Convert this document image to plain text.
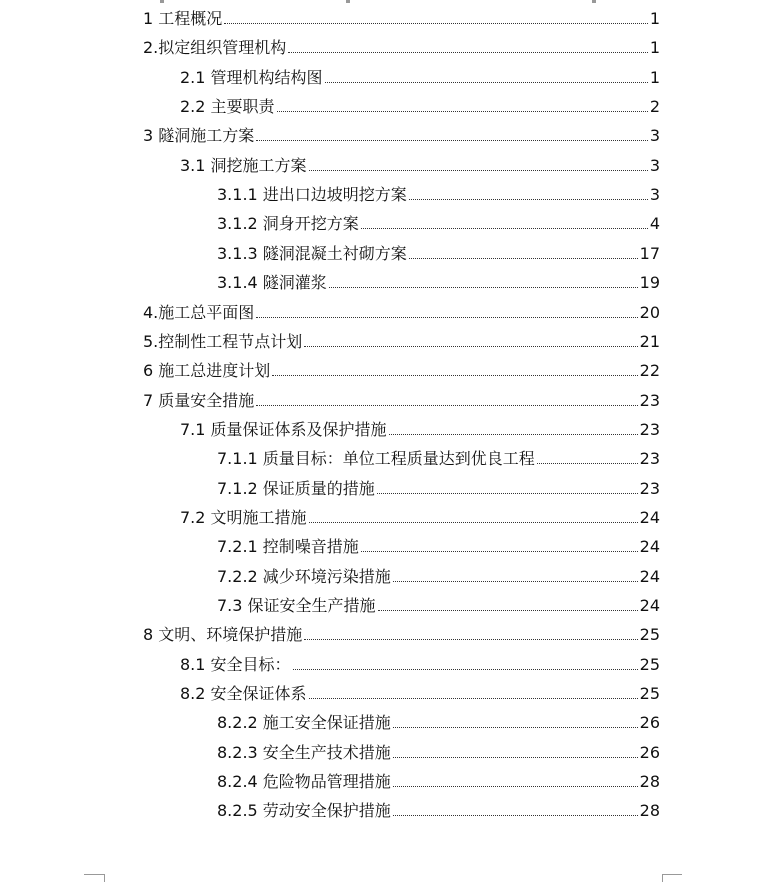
1 工程概况	1
2.拟定组织管理机构	1
2.1 管理机构结构图	1
2.2 主要职责	2
3 隧洞施工方案	3
3.1 洞挖施工方案	3
3.1.1 进出口边坡明挖方案	3
3.1.2 洞身开挖方案	4
3.1.3 隧洞混凝土衬砌方案	17
3.1.4 隧洞灌浆	19
4.施工总平面图	20
5.控制性工程节点计划	21
6 施工总进度计划	22
7 质量安全措施	23
7.1 质量保证体系及保护措施	23
7.1.1 质量目标：单位工程质量达到优良工程	23
7.1.2 保证质量的措施	23
7.2 文明施工措施	24
7.2.1 控制噪音措施	24
7.2.2 减少环境污染措施	24
7.3 保证安全生产措施	24
8 文明、环境保护措施	25
8.1 安全目标：	25
8.2 安全保证体系	25
8.2.2 施工安全保证措施	26
8.2.3 安全生产技术措施	26
8.2.4 危险物品管理措施	28
8.2.5 劳动安全保护措施	28
